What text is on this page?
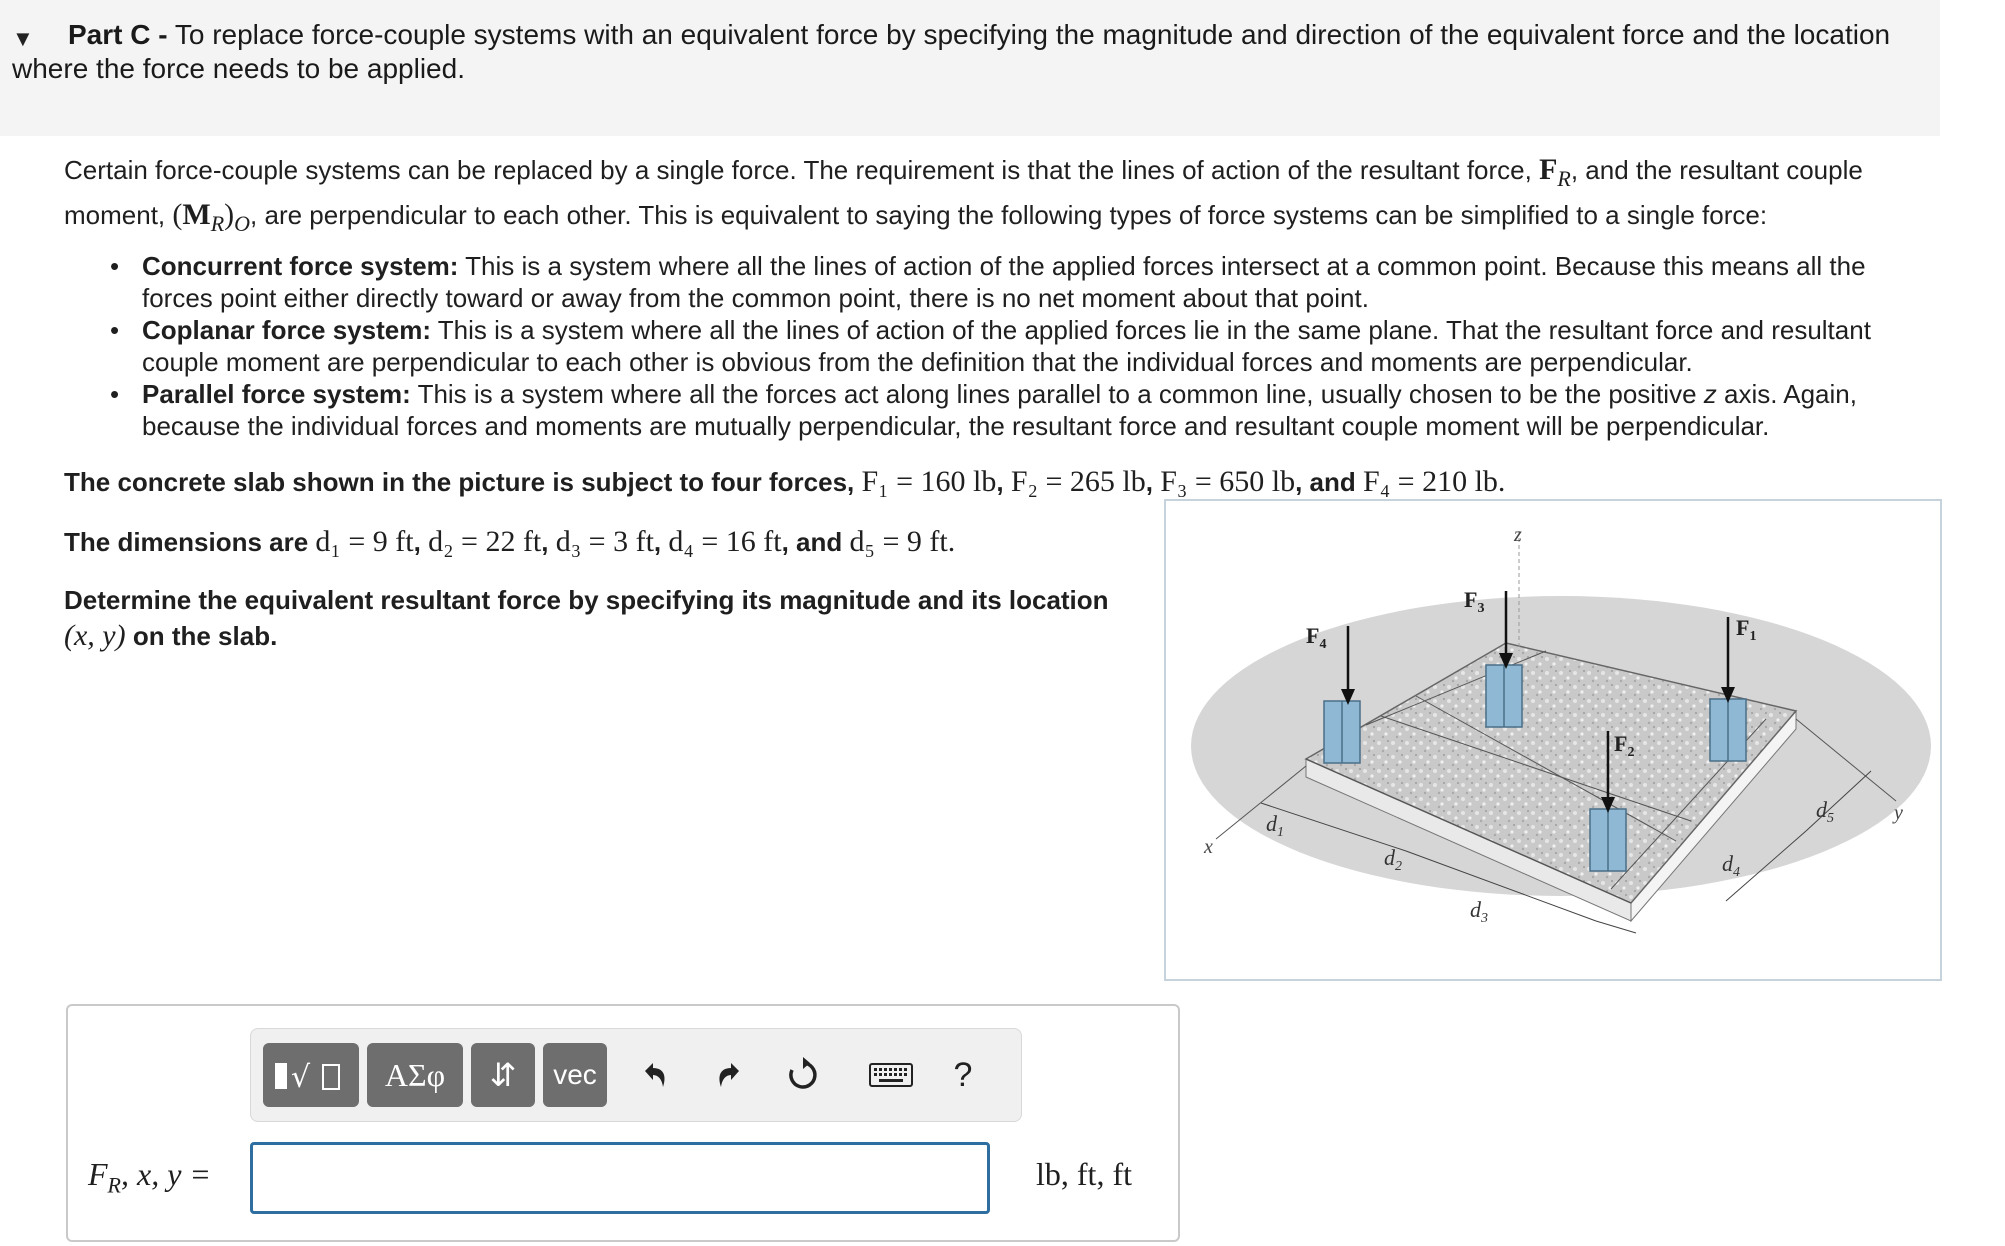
▼	Part C - To replace force-couple systems with an equivalent force by specifying the magnitude and direction of the equivalent force and the location where the force needs to be applied.
Certain force-couple systems can be replaced by a single force. The requirement is that the lines of action of the resultant force, $F_R$, and the resultant couple moment, $(M_R)_O$, are perpendicular to each other. This is equivalent to saying the following types of force systems can be simplified to a single force:
• Concurrent force system: This is a system where all the lines of action of the applied forces intersect at a common point. Because this means all the forces point either directly toward or away from the common point, there is no net moment about that point.
• Coplanar force system: This is a system where all the lines of action of the applied forces lie in the same plane. That the resultant force and resultant couple moment are perpendicular to each other is obvious from the definition that the individual forces and moments are perpendicular.
• Parallel force system: This is a system where all the forces act along lines parallel to a common line, usually chosen to be the positive z axis. Again, because the individual forces and moments are mutually perpendicular, the resultant force and resultant couple moment will be perpendicular.
The concrete slab shown in the picture is subject to four forces, F₁ = 160 lb, F₂ = 265 lb, F₃ = 650 lb, and F₄ = 210 lb.
The dimensions are d₁ = 9 ft, d₂ = 22 ft, d₃ = 3 ft, d₄ = 16 ft, and d₅ = 9 ft.
Determine the equivalent resultant force by specifying its magnitude and its location (x, y) on the slab.
z
x
y
$F_4$
$F_3$
$F_1$
$F_2$
$d_1$
$d_2$
$d_3$
$d_4$
$d_5$
√	ΑΣφ	⇵	vec	?
$F_R$, x, y =	lb, ft, ft
